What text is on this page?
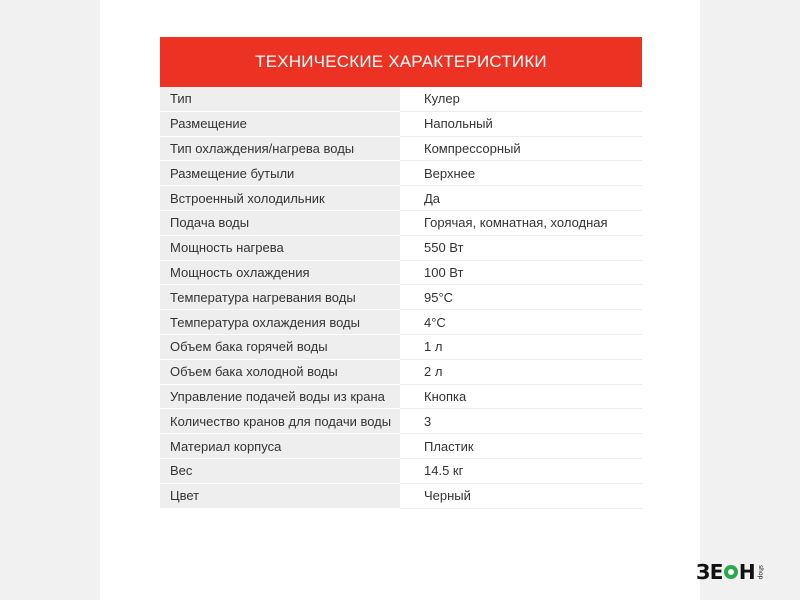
ТЕХНИЧЕСКИЕ ХАРАКТЕРИСТИКИ
Тип	Кулер
Размещение	Напольный
Тип охлаждения/нагрева воды	Компрессорный
Размещение бутыли	Верхнее
Встроенный холодильник	Да
Подача воды	Горячая, комнатная, холодная
Мощность нагрева	550 Вт
Мощность охлаждения	100 Вт
Температура нагревания воды	95°С
Температура охлаждения воды	4°С
Объем бака горячей воды	1 л
Объем бака холодной воды	2 л
Управление подачей воды из крана	Кнопка
Количество кранов для подачи воды	3
Материал корпуса	Пластик
Вес	14.5 кг
Цвет	Черный
ЗЕ Н shop
